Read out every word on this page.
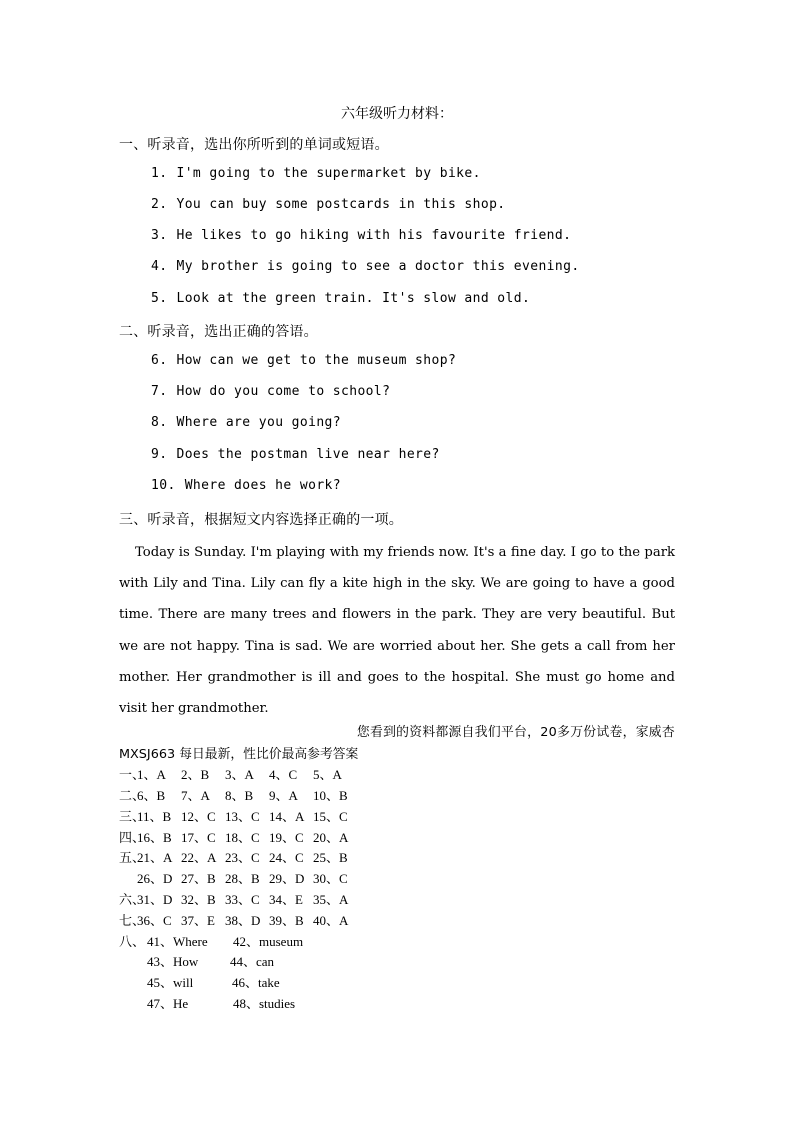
六年级听力材料：
一、听录音，选出你所听到的单词或短语。
1. I'm going to the supermarket by bike.
2. You can buy some postcards in this shop.
3. He likes to go hiking with his favourite friend.
4. My brother is going to see a doctor this evening.
5. Look at the green train. It's slow and old.
二、听录音，选出正确的答语。
6. How can we get to the museum shop?
7. How do you come to school?
8. Where are you going?
9. Does the postman live near here?
10. Where does he work?
三、听录音，根据短文内容选择正确的一项。
Today is Sunday. I'm playing with my friends now. It's a fine day. I go to the park with Lily and Tina. Lily can fly a kite high in the sky. We are going to have a good time. There are many trees and flowers in the park. They are very beautiful. But we are not happy. Tina is sad. We are worried about her. She gets a call from her mother. Her grandmother is ill and goes to the hospital. She must go home and visit her grandmother.
您看到的资料都源自我们平台，20多万份试卷，家威杏
MXSJ663 每日最新，性比价最高参考答案
一、1、A 2、B 3、A 4、C 5、A
二、6、B 7、A 8、B 9、A 10、B
三、11、B 12、C 13、C 14、A 15、C
四、16、B 17、C 18、C 19、C 20、A
五、21、A 22、A 23、C 24、C 25、B
26、D 27、B 28、B 29、D 30、C
六、31、D 32、B 33、C 34、E 35、A
七、36、C 37、E 38、D 39、B 40、A
八、 41、Where 42、museum
43、How 44、can
45、will	46、take
47、He	48、studies
